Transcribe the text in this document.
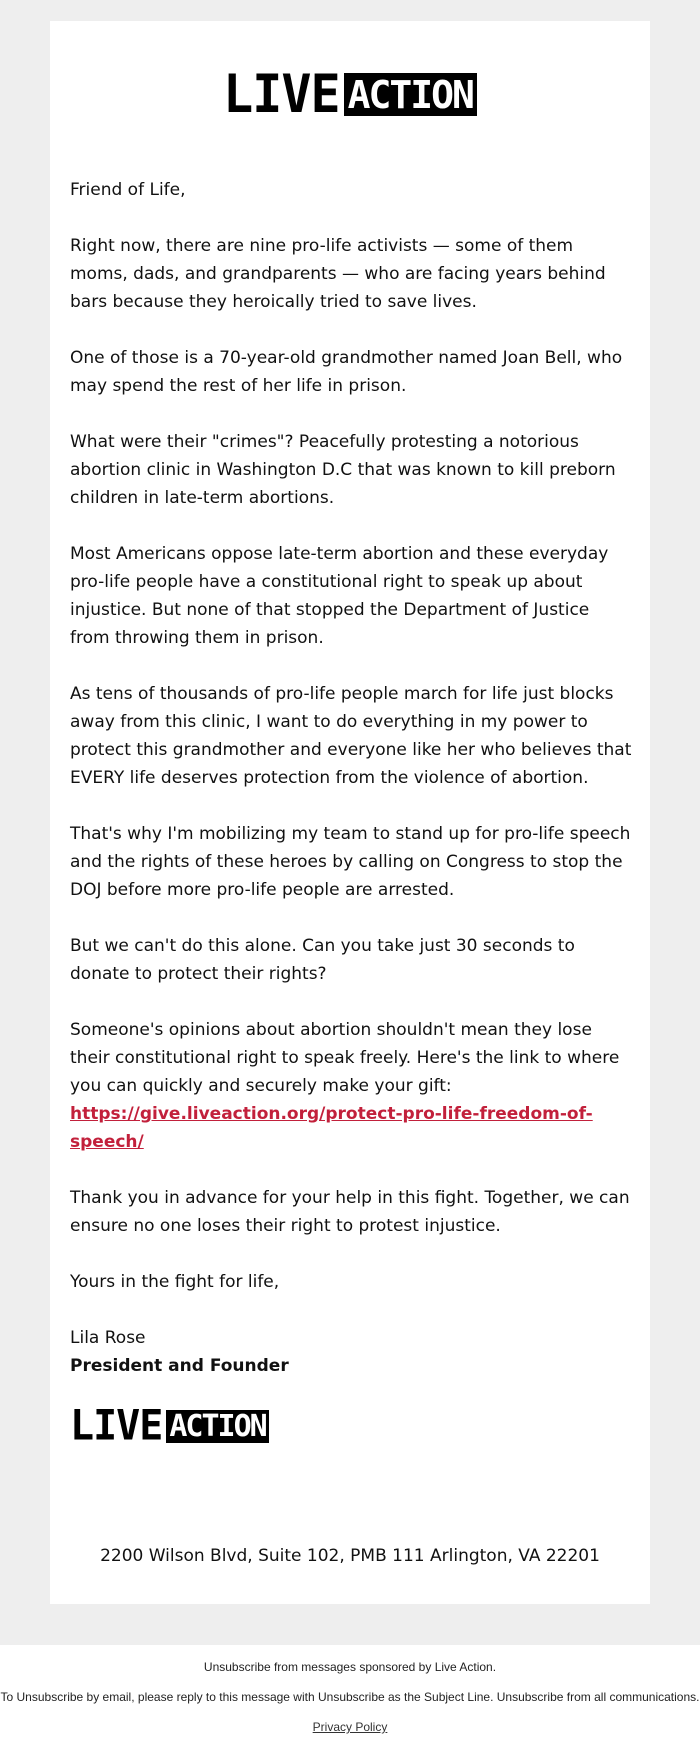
LIVE ACTION

Friend of Life,

Right now, there are nine pro-life activists — some of them moms, dads, and grandparents — who are facing years behind bars because they heroically tried to save lives.

One of those is a 70-year-old grandmother named Joan Bell, who may spend the rest of her life in prison.

What were their "crimes"? Peacefully protesting a notorious abortion clinic in Washington D.C that was known to kill preborn children in late-term abortions.

Most Americans oppose late-term abortion and these everyday pro-life people have a constitutional right to speak up about injustice. But none of that stopped the Department of Justice from throwing them in prison.

As tens of thousands of pro-life people march for life just blocks away from this clinic, I want to do everything in my power to protect this grandmother and everyone like her who believes that EVERY life deserves protection from the violence of abortion.

That's why I'm mobilizing my team to stand up for pro-life speech and the rights of these heroes by calling on Congress to stop the DOJ before more pro-life people are arrested.

But we can't do this alone. Can you take just 30 seconds to donate to protect their rights?

Someone's opinions about abortion shouldn't mean they lose their constitutional right to speak freely. Here's the link to where you can quickly and securely make your gift: https://give.liveaction.org/protect-pro-life-freedom-of-speech/

Thank you in advance for your help in this fight. Together, we can ensure no one loses their right to protest injustice.

Yours in the fight for life,

Lila Rose
President and Founder

LIVE ACTION
2200 Wilson Blvd, Suite 102, PMB 111 Arlington, VA 22201
Unsubscribe from messages sponsored by Live Action.
To Unsubscribe by email, please reply to this message with Unsubscribe as the Subject Line. Unsubscribe from all communications.
Privacy Policy
